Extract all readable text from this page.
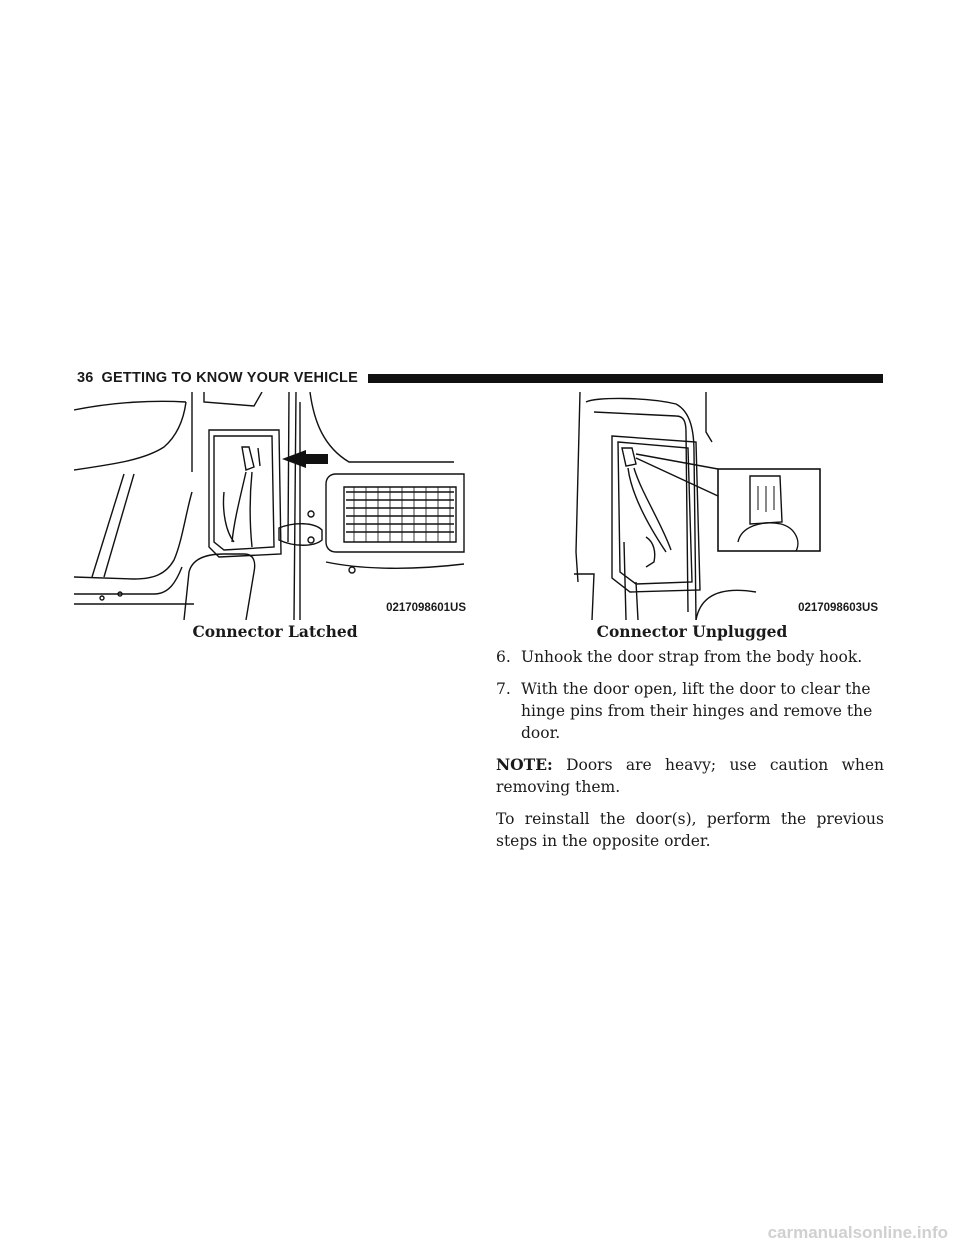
36 GETTING TO KNOW YOUR VEHICLE
0217098601US	0217098603US
Connector Latched	Connector Unplugged
6. Unhook the door strap from the body hook.
7. With the door open, lift the door to clear the hinge pins from their hinges and remove the door.
NOTE: Doors are heavy; use caution when removing them.
To reinstall the door(s), perform the previous steps in the opposite order.
carmanualsonline.info
